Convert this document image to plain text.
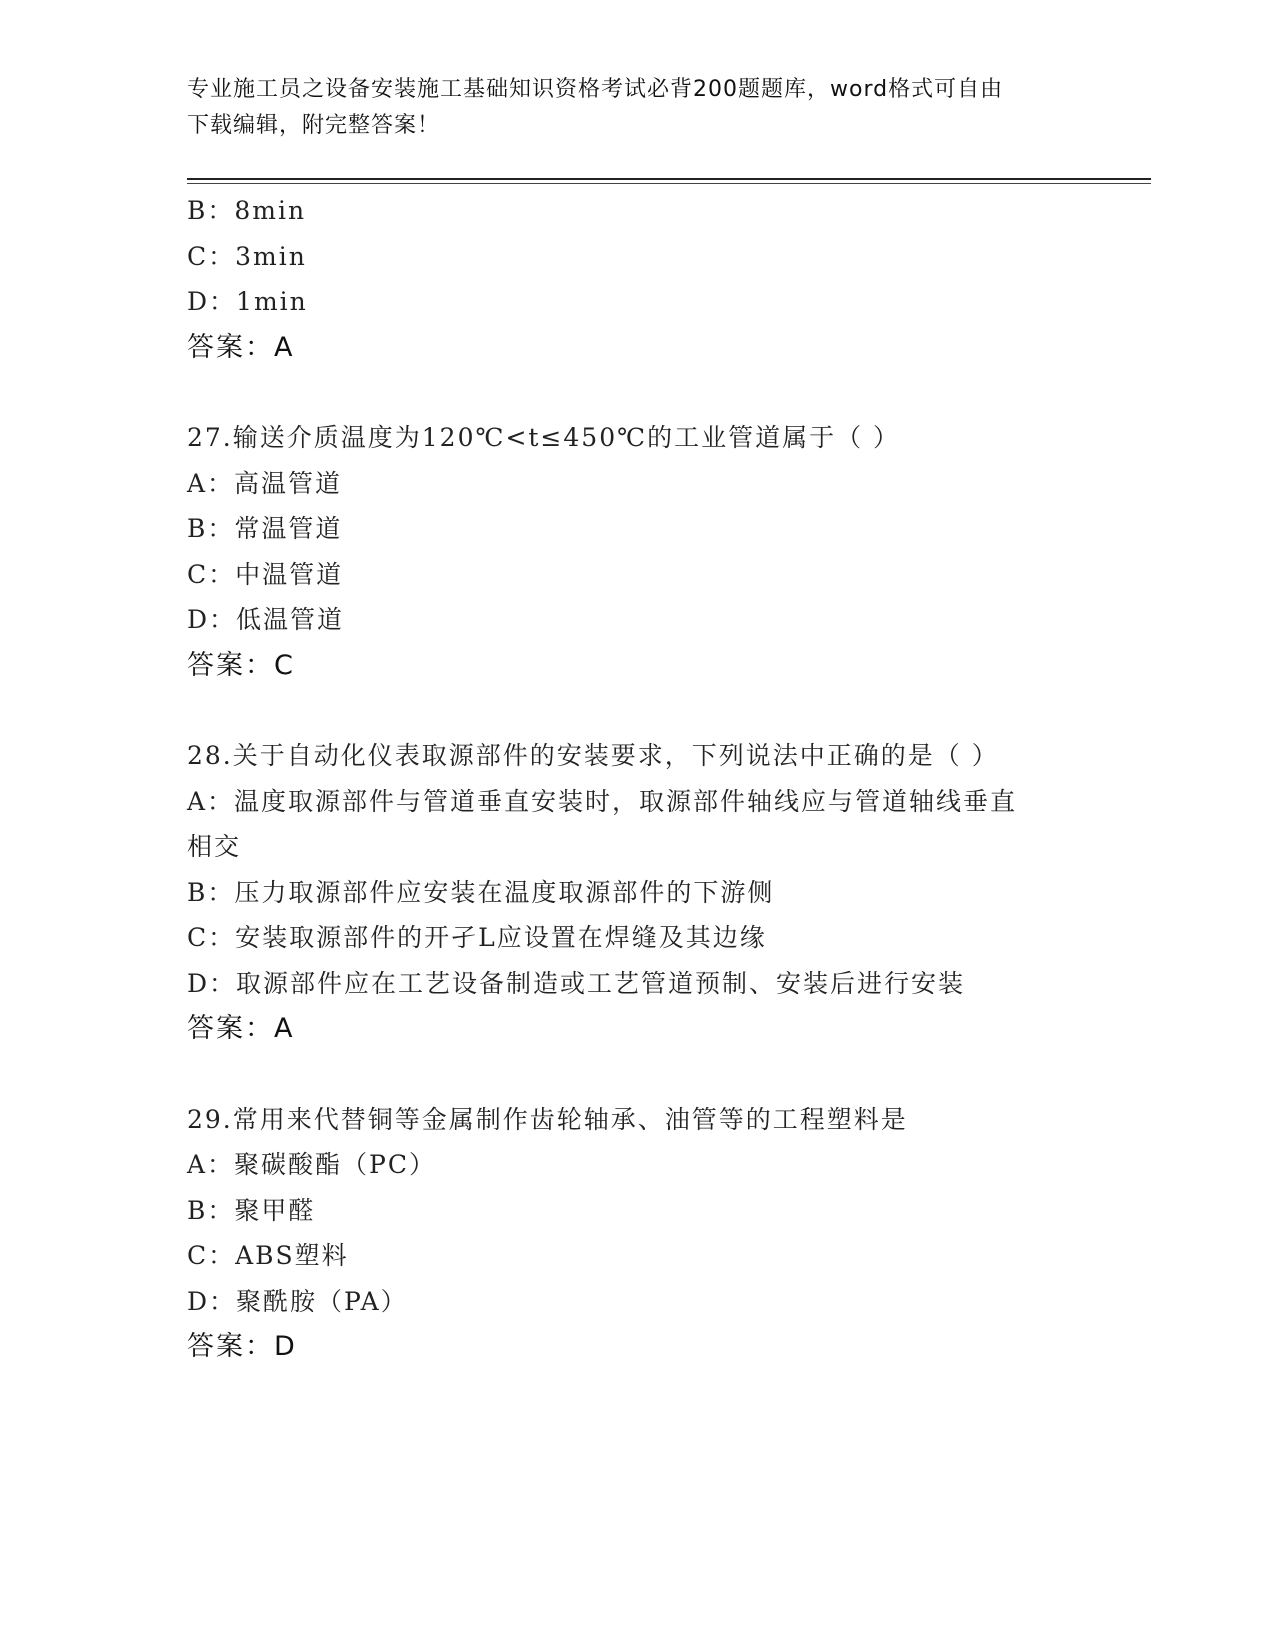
专业施工员之设备安装施工基础知识资格考试必背200题题库，word格式可自由
下载编辑，附完整答案！
B：8min
C：3min
D：1min
答案：A
27.输送介质温度为120℃<t≤450℃的工业管道属于（ ）
A：高温管道
B：常温管道
C：中温管道
D：低温管道
答案：C
28.关于自动化仪表取源部件的安装要求，下列说法中正确的是（ ）
A：温度取源部件与管道垂直安装时，取源部件轴线应与管道轴线垂直
相交
B：压力取源部件应安装在温度取源部件的下游侧
C：安装取源部件的开孑L应设置在焊缝及其边缘
D：取源部件应在工艺设备制造或工艺管道预制、安装后进行安装
答案：A
29.常用来代替铜等金属制作齿轮轴承、油管等的工程塑料是
A：聚碳酸酯（PC）
B：聚甲醛
C：ABS塑料
D：聚酰胺（PA）
答案：D
